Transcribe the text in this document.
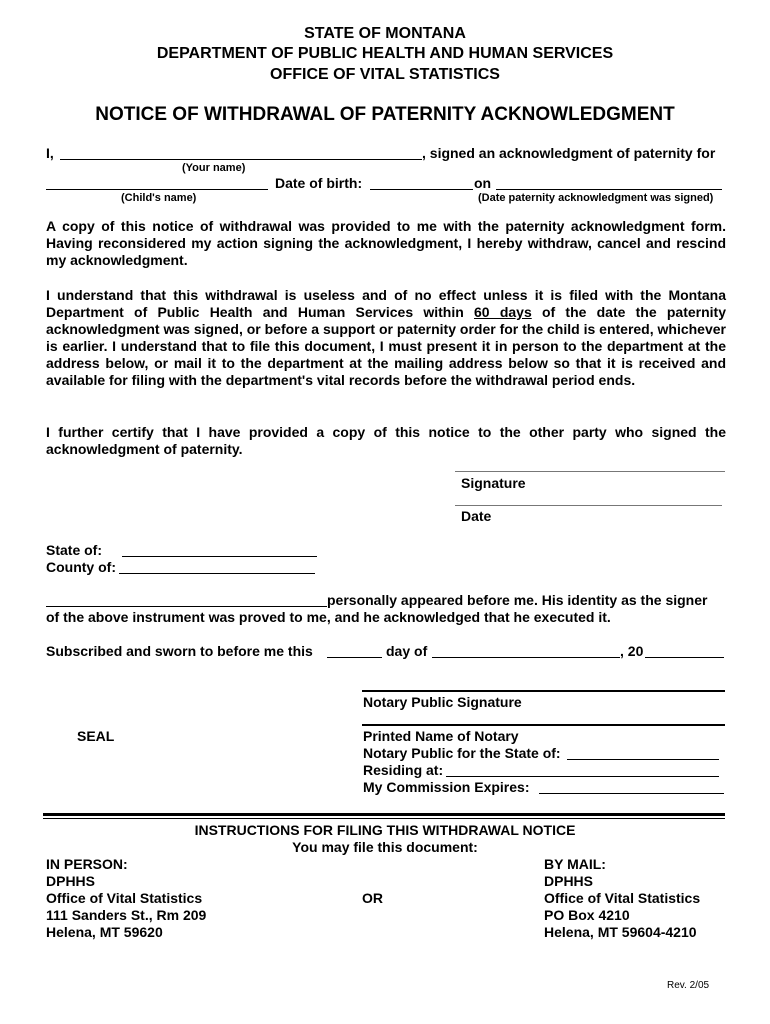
STATE OF MONTANA
DEPARTMENT OF PUBLIC HEALTH AND HUMAN SERVICES
OFFICE OF VITAL STATISTICS
NOTICE OF WITHDRAWAL OF PATERNITY ACKNOWLEDGMENT
I,	, signed an acknowledgment of paternity for
(Your name)
Date of birth:	on
(Child's name)	(Date paternity acknowledgment was signed)
A copy of this notice of withdrawal was provided to me with the paternity acknowledgment form. Having reconsidered my action signing the acknowledgment, I hereby withdraw, cancel and rescind my acknowledgment.
I understand that this withdrawal is useless and of no effect unless it is filed with the Montana Department of Public Health and Human Services within 60 days of the date the paternity acknowledgment was signed, or before a support or paternity order for the child is entered, whichever is earlier. I understand that to file this document, I must present it in person to the department at the address below, or mail it to the department at the mailing address below so that it is received and available for filing with the department's vital records before the withdrawal period ends.
I further certify that I have provided a copy of this notice to the other party who signed the acknowledgment of paternity.
Signature
Date
State of:
County of:
personally appeared before me. His identity as the signer
of the above instrument was proved to me, and he acknowledged that he executed it.
Subscribed and sworn to before me this	day of	, 20
Notary Public Signature
SEAL	Printed Name of Notary
Notary Public for the State of:
Residing at:
My Commission Expires:
INSTRUCTIONS FOR FILING THIS WITHDRAWAL NOTICE
You may file this document:
IN PERSON:
DPHHS
Office of Vital Statistics
111 Sanders St., Rm 209
Helena, MT 59620
OR
BY MAIL:
DPHHS
Office of Vital Statistics
PO Box 4210
Helena, MT 59604-4210
Rev. 2/05
